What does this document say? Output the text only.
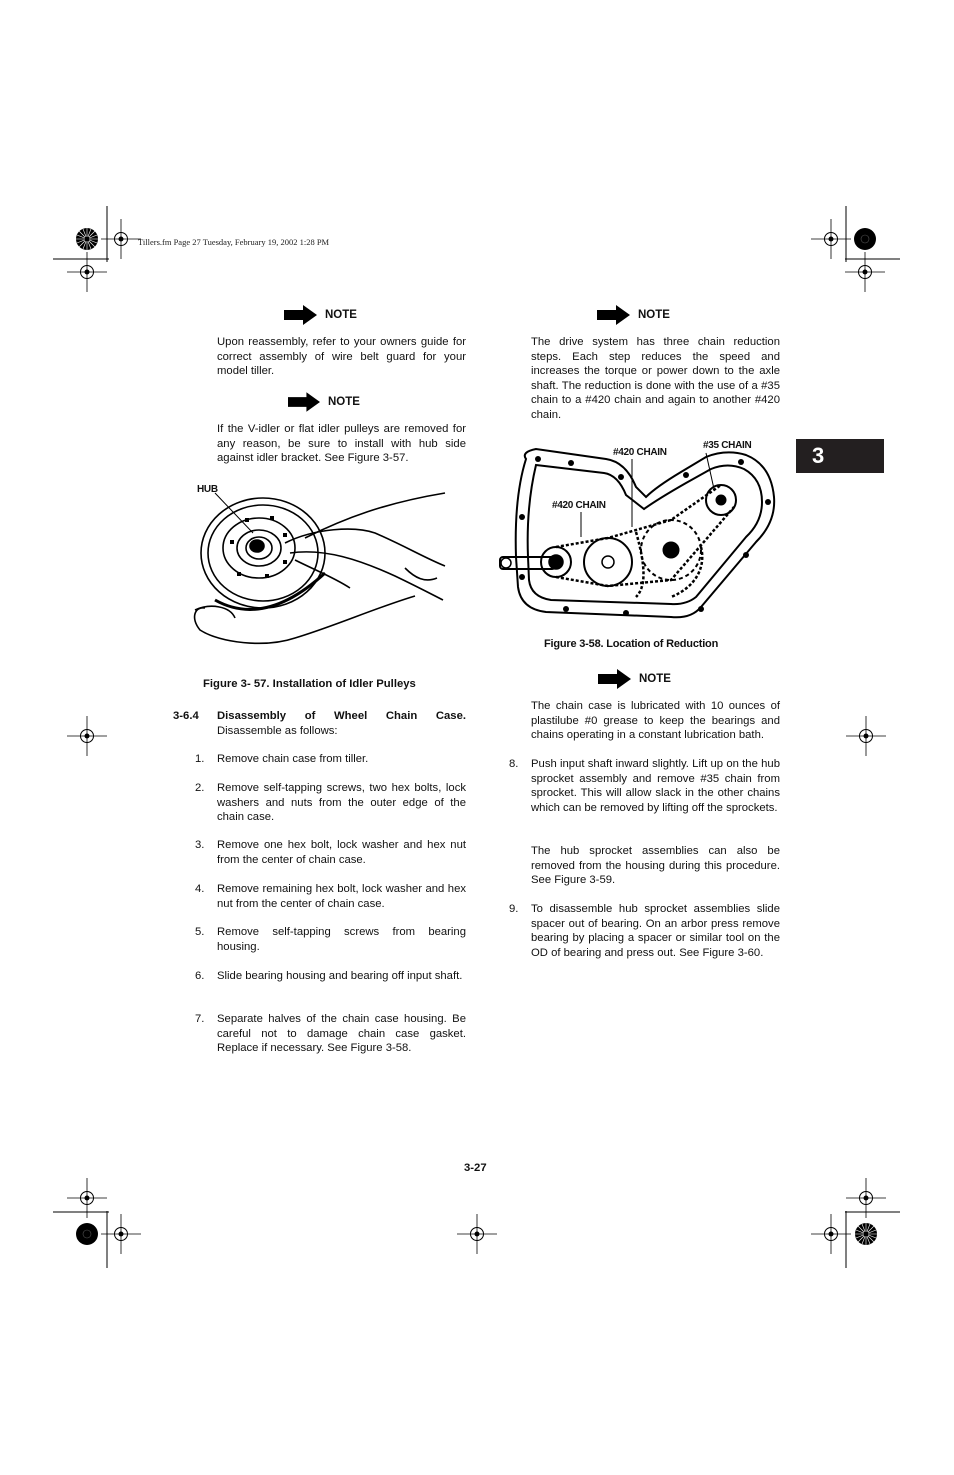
Tillers.fm Page 27 Tuesday, February 19, 2002 1:28 PM
3
NOTE
Upon reassembly, refer to your owners guide for correct assembly of wire belt guard for your model tiller.
NOTE
If the V-idler or flat idler pulleys are removed for any reason, be sure to install with hub side against idler bracket. See Figure 3-57.
HUB
Figure 3- 57. Installation of Idler Pulleys
3-6.4 Disassembly of Wheel Chain Case. Disassemble as follows:
1. Remove chain case from tiller.
2. Remove self-tapping screws, two hex bolts, lock washers and nuts from the outer edge of the chain case.
3. Remove one hex bolt, lock washer and hex nut from the center of chain case.
4. Remove remaining hex bolt, lock washer and hex nut from the center of chain case.
5. Remove self-tapping screws from bearing housing.
6. Slide bearing housing and bearing off input shaft.
7. Separate halves of the chain case housing. Be careful not to damage chain case gasket. Replace if necessary. See Figure 3-58.
NOTE
The drive system has three chain reduction steps. Each step reduces the speed and increases the torque or power down to the axle shaft. The reduction is done with the use of a #35 chain to a #420 chain and again to another #420 chain.
#420 CHAIN
#35 CHAIN
#420 CHAIN
Figure 3-58. Location of Reduction
NOTE
The chain case is lubricated with 10 ounces of plastilube #0 grease to keep the bearings and chains operating in a constant lubrication bath.
8. Push input shaft inward slightly. Lift up on the hub sprocket assembly and remove #35 chain from sprocket. This will allow slack in the other chains which can be removed by lifting off the sprockets.
The hub sprocket assemblies can also be removed from the housing during this procedure. See Figure 3-59.
9. To disassemble hub sprocket assemblies slide spacer out of bearing. On an arbor press remove bearing by placing a spacer or similar tool on the OD of bearing and press out. See Figure 3-60.
3-27
